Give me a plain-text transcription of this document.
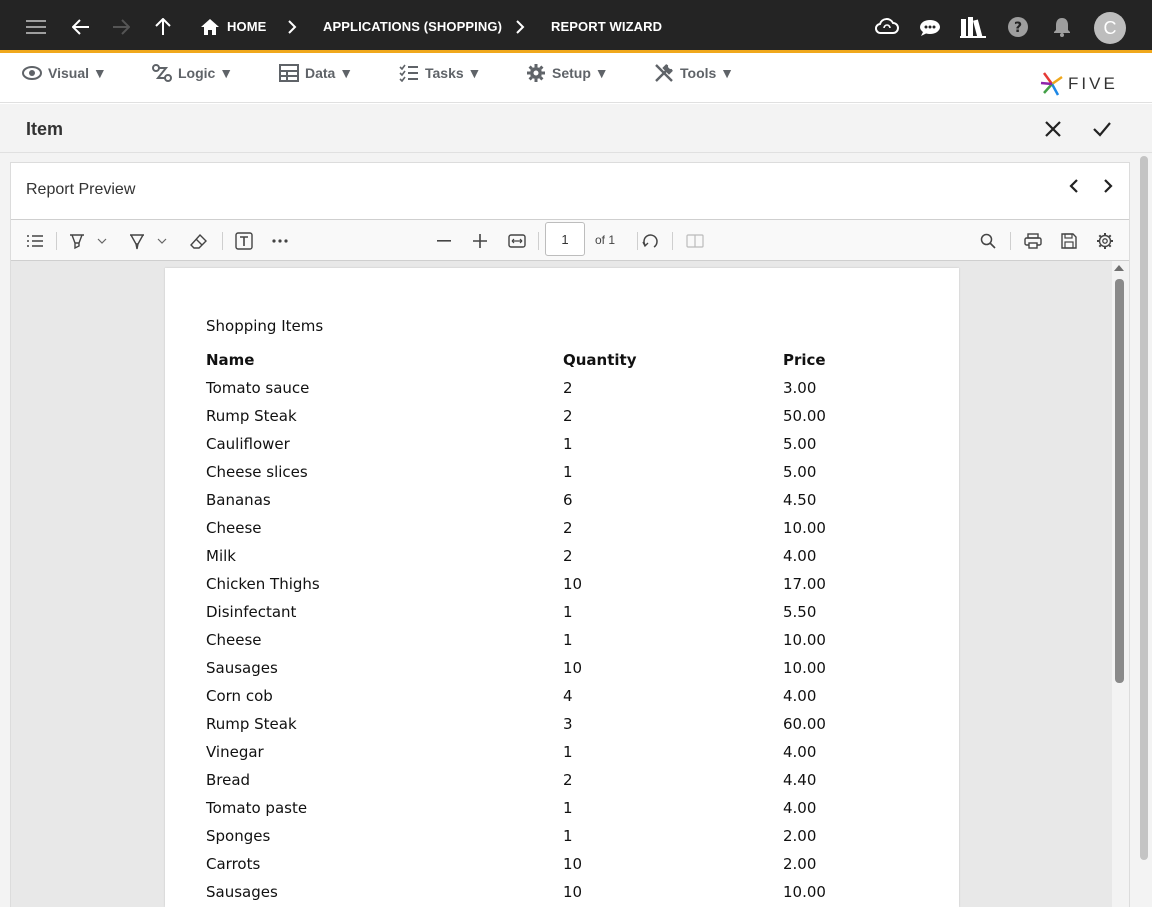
HOME	APPLICATIONS (SHOPPING)	REPORT WIZARD	?	C
Visual ▼	Logic ▼	Data ▼	Tasks ▼	Setup ▼	Tools ▼
FIVE
Item
Report Preview
1	of 1
Shopping Items
Name	Quantity	Price
Tomato sauce	2	3.00
Rump Steak	2	50.00
Cauliflower	1	5.00
Cheese slices	1	5.00
Bananas	6	4.50
Cheese	2	10.00
Milk	2	4.00
Chicken Thighs	10	17.00
Disinfectant	1	5.50
Cheese	1	10.00
Sausages	10	10.00
Corn cob	4	4.00
Rump Steak	3	60.00
Vinegar	1	4.00
Bread	2	4.40
Tomato paste	1	4.00
Sponges	1	2.00
Carrots	10	2.00
Sausages	10	10.00
